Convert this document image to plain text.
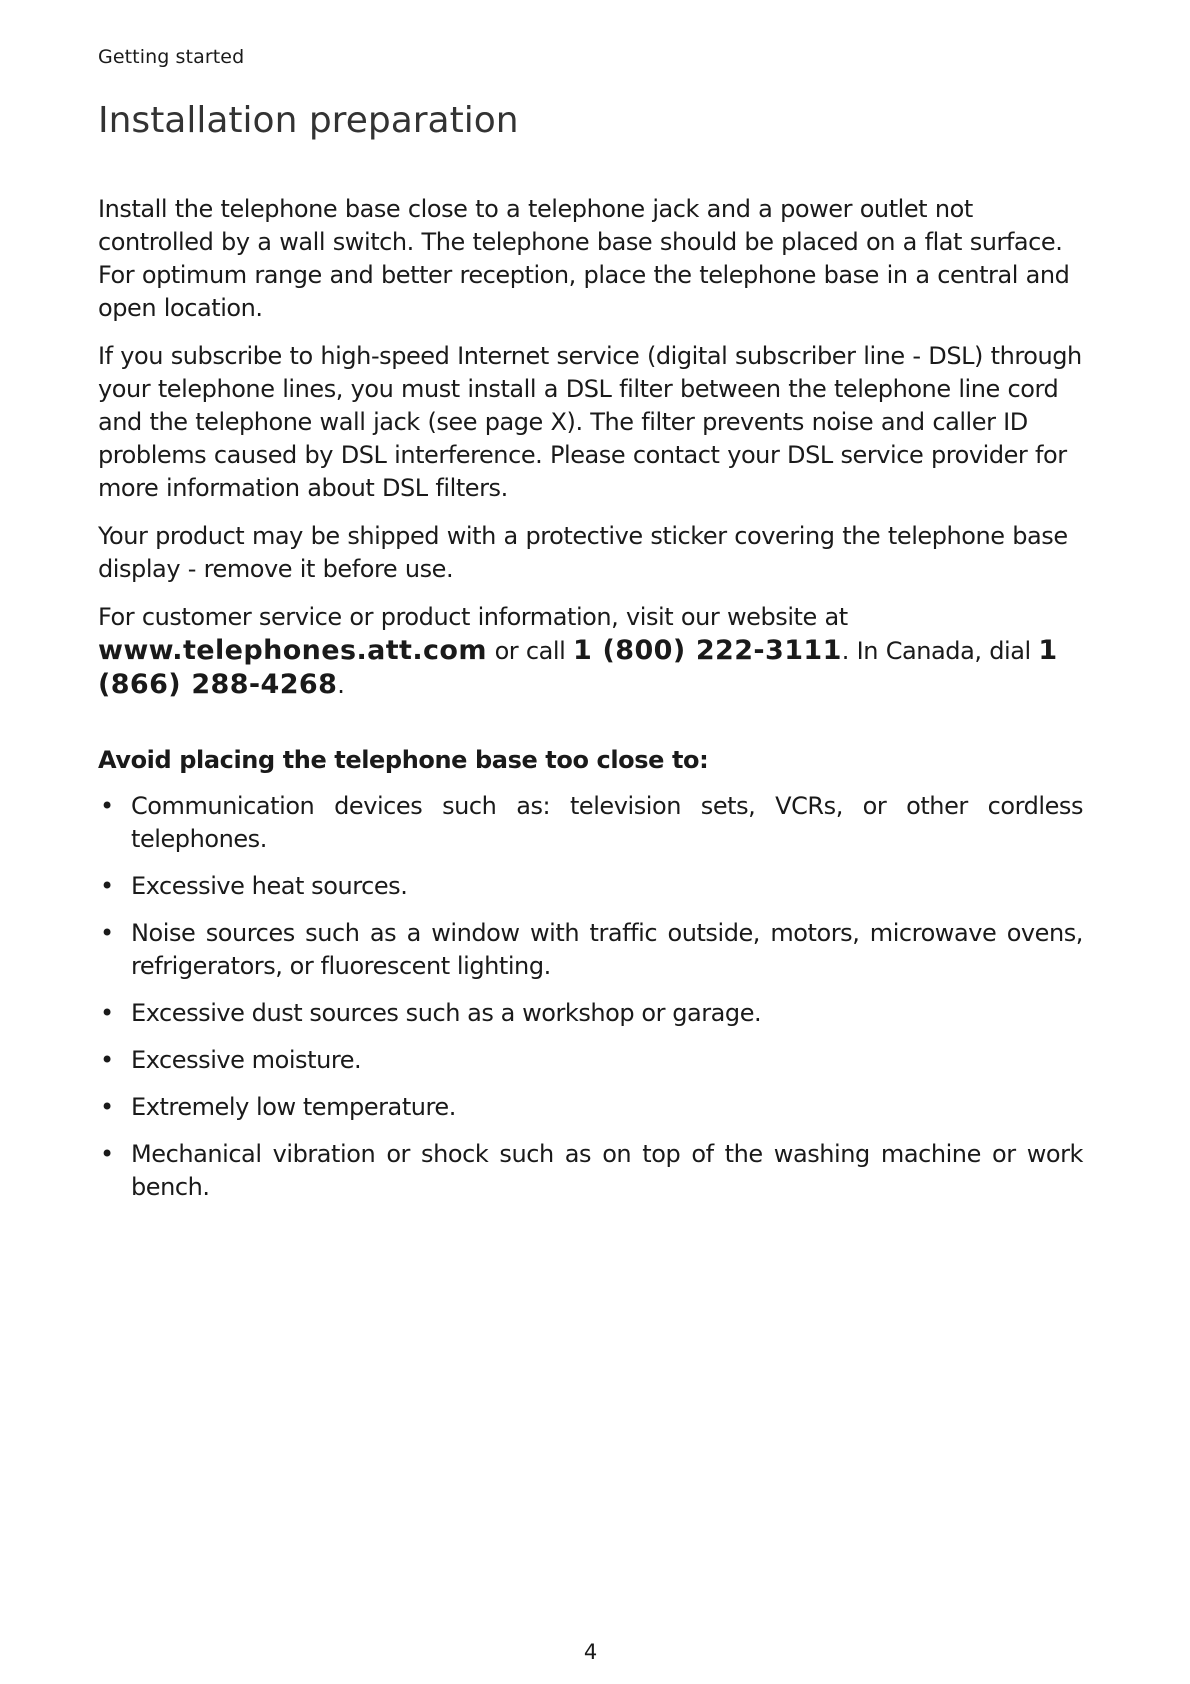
Getting started
Installation preparation

Install the telephone base close to a telephone jack and a power outlet not controlled by a wall switch. The telephone base should be placed on a flat surface. For optimum range and better reception, place the telephone base in a central and open location.

If you subscribe to high-speed Internet service (digital subscriber line - DSL) through your telephone lines, you must install a DSL filter between the telephone line cord and the telephone wall jack (see page X). The filter prevents noise and caller ID problems caused by DSL interference. Please contact your DSL service provider for more information about DSL filters.

Your product may be shipped with a protective sticker covering the telephone base display - remove it before use.

For customer service or product information, visit our website at www.telephones.att.com or call 1 (800) 222-3111. In Canada, dial 1 (866) 288-4268.

Avoid placing the telephone base too close to:
• Communication devices such as: television sets, VCRs, or other cordless telephones.
• Excessive heat sources.
• Noise sources such as a window with traffic outside, motors, microwave ovens, refrigerators, or fluorescent lighting.
• Excessive dust sources such as a workshop or garage.
• Excessive moisture.
• Extremely low temperature.
• Mechanical vibration or shock such as on top of the washing machine or work bench.
4
